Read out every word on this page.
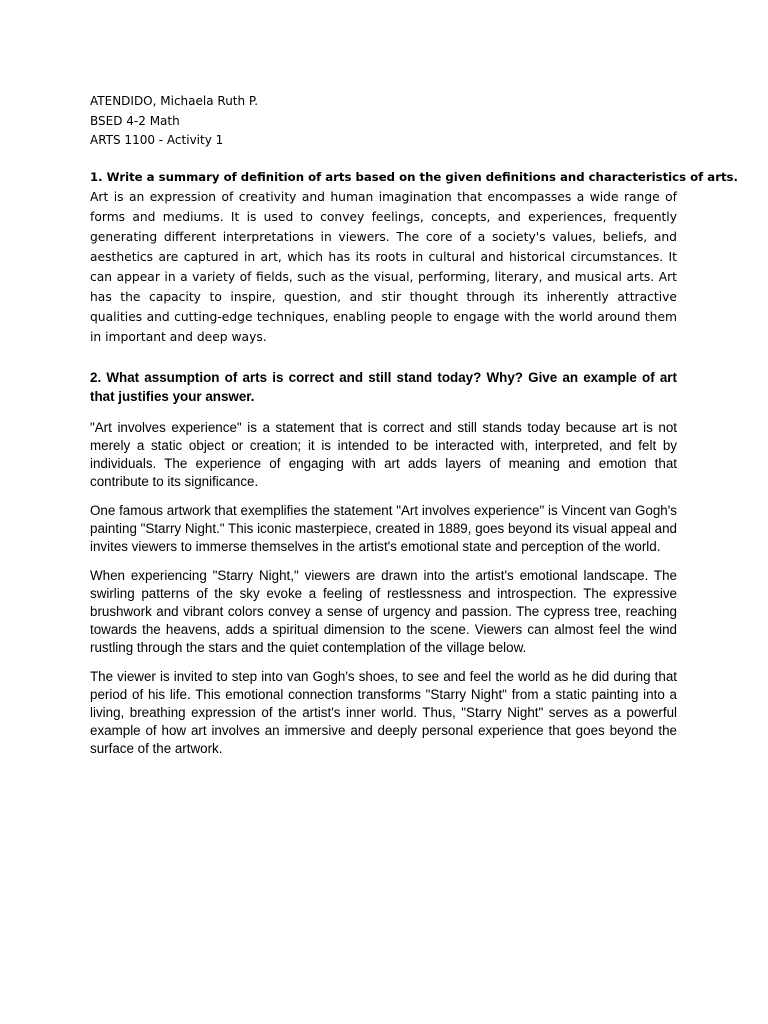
ATENDIDO, Michaela Ruth P.

BSED 4-2 Math

ARTS 1100 - Activity 1

1. Write a summary of definition of arts based on the given definitions and characteristics of arts.

Art is an expression of creativity and human imagination that encompasses a wide range of forms and mediums. It is used to convey feelings, concepts, and experiences, frequently generating different interpretations in viewers. The core of a society's values, beliefs, and aesthetics are captured in art, which has its roots in cultural and historical circumstances. It can appear in a variety of fields, such as the visual, performing, literary, and musical arts. Art has the capacity to inspire, question, and stir thought through its inherently attractive qualities and cutting-edge techniques, enabling people to engage with the world around them in important and deep ways.

2. What assumption of arts is correct and still stand today? Why? Give an example of art that justifies your answer.

"Art involves experience" is a statement that is correct and still stands today because art is not merely a static object or creation; it is intended to be interacted with, interpreted, and felt by individuals. The experience of engaging with art adds layers of meaning and emotion that contribute to its significance.

One famous artwork that exemplifies the statement "Art involves experience" is Vincent van Gogh's painting "Starry Night." This iconic masterpiece, created in 1889, goes beyond its visual appeal and invites viewers to immerse themselves in the artist's emotional state and perception of the world.

When experiencing "Starry Night," viewers are drawn into the artist's emotional landscape. The swirling patterns of the sky evoke a feeling of restlessness and introspection. The expressive brushwork and vibrant colors convey a sense of urgency and passion. The cypress tree, reaching towards the heavens, adds a spiritual dimension to the scene. Viewers can almost feel the wind rustling through the stars and the quiet contemplation of the village below.

The viewer is invited to step into van Gogh's shoes, to see and feel the world as he did during that period of his life. This emotional connection transforms "Starry Night" from a static painting into a living, breathing expression of the artist's inner world. Thus, "Starry Night" serves as a powerful example of how art involves an immersive and deeply personal experience that goes beyond the surface of the artwork.
